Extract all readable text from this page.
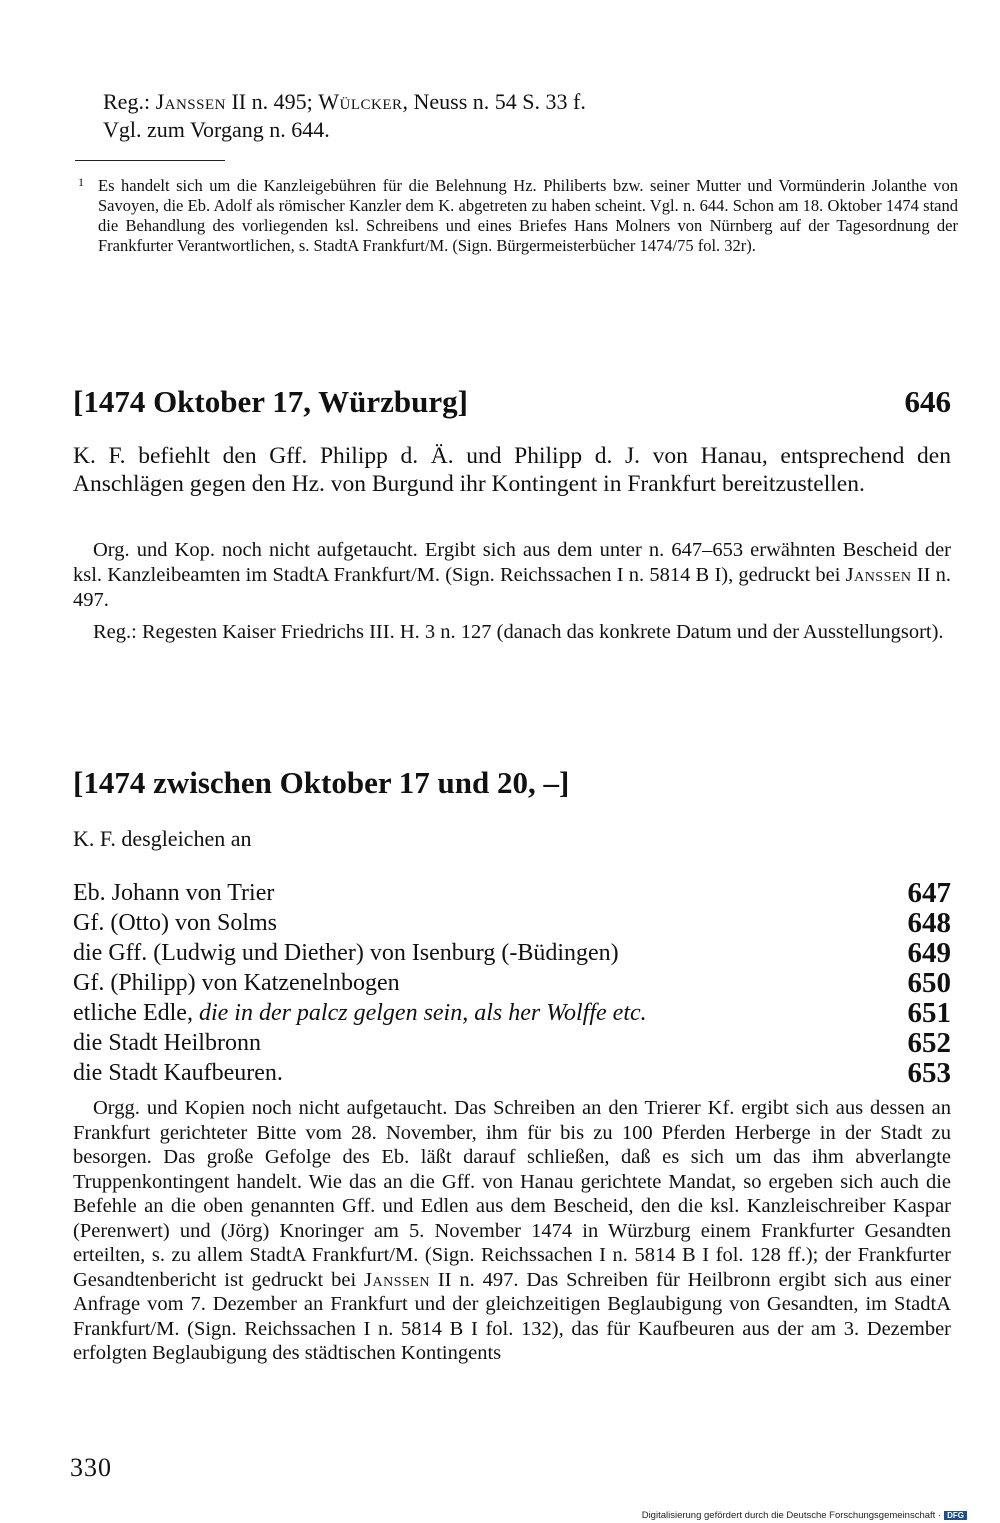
Reg.: Janssen II n. 495; Wülcker, Neuss n. 54 S. 33 f.
Vgl. zum Vorgang n. 644.
1 Es handelt sich um die Kanzleigebühren für die Belehnung Hz. Philiberts bzw. seiner Mutter und Vormünderin Jolanthe von Savoyen, die Eb. Adolf als römischer Kanzler dem K. abgetreten zu haben scheint. Vgl. n. 644. Schon am 18. Oktober 1474 stand die Behandlung des vorliegenden ksl. Schreibens und eines Briefes Hans Molners von Nürnberg auf der Tagesordnung der Frankfurter Verantwortlichen, s. StadtA Frankfurt/M. (Sign. Bürgermeisterbücher 1474/75 fol. 32r).
[1474 Oktober 17, Würzburg]	646
K. F. befiehlt den Gff. Philipp d. Ä. und Philipp d. J. von Hanau, entsprechend den Anschlägen gegen den Hz. von Burgund ihr Kontingent in Frankfurt bereitzustellen.
Org. und Kop. noch nicht aufgetaucht. Ergibt sich aus dem unter n. 647–653 erwähnten Bescheid der ksl. Kanzleibeamten im StadtA Frankfurt/M. (Sign. Reichssachen I n. 5814 B I), gedruckt bei Janssen II n. 497.
Reg.: Regesten Kaiser Friedrichs III. H. 3 n. 127 (danach das konkrete Datum und der Ausstellungsort).
[1474 zwischen Oktober 17 und 20, –]
K. F. desgleichen an
Eb. Johann von Trier	647
Gf. (Otto) von Solms	648
die Gff. (Ludwig und Diether) von Isenburg (-Büdingen)	649
Gf. (Philipp) von Katzenelnbogen	650
etliche Edle, die in der palcz gelgen sein, als her Wolffe etc.	651
die Stadt Heilbronn	652
die Stadt Kaufbeuren.	653
Orgg. und Kopien noch nicht aufgetaucht. Das Schreiben an den Trierer Kf. ergibt sich aus dessen an Frankfurt gerichteter Bitte vom 28. November, ihm für bis zu 100 Pferden Herberge in der Stadt zu besorgen. Das große Gefolge des Eb. läßt darauf schließen, daß es sich um das ihm abverlangte Truppenkontingent handelt. Wie das an die Gff. von Hanau gerichtete Mandat, so ergeben sich auch die Befehle an die oben genannten Gff. und Edlen aus dem Bescheid, den die ksl. Kanzleischreiber Kaspar (Perenwert) und (Jörg) Knoringer am 5. November 1474 in Würzburg einem Frankfurter Gesandten erteilten, s. zu allem StadtA Frankfurt/M. (Sign. Reichssachen I n. 5814 B I fol. 128 ff.); der Frankfurter Gesandtenbericht ist gedruckt bei Janssen II n. 497. Das Schreiben für Heilbronn ergibt sich aus einer Anfrage vom 7. Dezember an Frankfurt und der gleichzeitigen Beglaubigung von Gesandten, im StadtA Frankfurt/M. (Sign. Reichssachen I n. 5814 B I fol. 132), das für Kaufbeuren aus der am 3. Dezember erfolgten Beglaubigung des städtischen Kontingents
330
Digitalisierung gefördert durch die Deutsche Forschungsgemeinschaft · DFG
